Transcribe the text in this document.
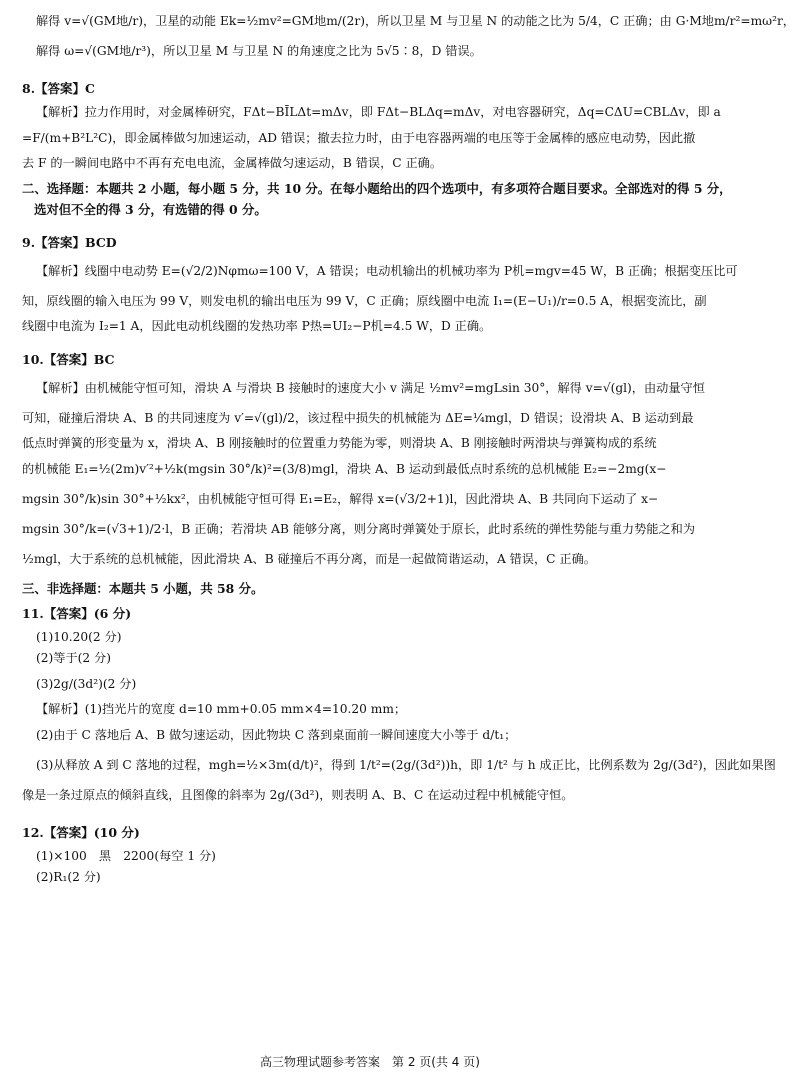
解得 v=√(GM地/r)，卫星的动能 Ek=½mv²=GM地m/(2r)，所以卫星 M 与卫星 N 的动能之比为 5/4，C 正确；由 G·M地m/r²=mω²r，

解得 ω=√(GM地/r³)，所以卫星 M 与卫星 N 的角速度之比为 5√5∶8，D 错误。

8.【答案】C

【解析】拉力作用时，对金属棒研究，FΔt−BĪLΔt=mΔv，即 FΔt−BLΔq=mΔv，对电容器研究，Δq=CΔU=CBLΔv，即 a

=F/(m+B²L²C)，即金属棒做匀加速运动，AD 错误；撤去拉力时，由于电容器两端的电压等于金属棒的感应电动势，因此撤

去 F 的一瞬间电路中不再有充电电流，金属棒做匀速运动，B 错误，C 正确。

二、选择题：本题共 2 小题，每小题 5 分，共 10 分。在每小题给出的四个选项中，有多项符合题目要求。全部选对的得 5 分，

选对但不全的得 3 分，有选错的得 0 分。

9.【答案】BCD

【解析】线圈中电动势 E=(√2/2)Nφmω=100 V，A 错误；电动机输出的机械功率为 P机=mgv=45 W，B 正确；根据变压比可

知，原线圈的输入电压为 99 V，则发电机的输出电压为 99 V，C 正确；原线圈中电流 I₁=(E−U₁)/r=0.5 A，根据变流比，副

线圈中电流为 I₂=1 A，因此电动机线圈的发热功率 P热=UI₂−P机=4.5 W，D 正确。

10.【答案】BC

【解析】由机械能守恒可知，滑块 A 与滑块 B 接触时的速度大小 v 满足 ½mv²=mgLsin 30°，解得 v=√(gl)，由动量守恒

可知，碰撞后滑块 A、B 的共同速度为 v′=√(gl)/2，该过程中损失的机械能为 ΔE=¼mgl，D 错误；设滑块 A、B 运动到最

低点时弹簧的形变量为 x，滑块 A、B 刚接触时的位置重力势能为零，则滑块 A、B 刚接触时两滑块与弹簧构成的系统

的机械能 E₁=½(2m)v′²+½k(mgsin 30°/k)²=(3/8)mgl，滑块 A、B 运动到最低点时系统的总机械能 E₂=−2mg(x−

mgsin 30°/k)sin 30°+½kx²，由机械能守恒可得 E₁=E₂，解得 x=(√3/2+1)l，因此滑块 A、B 共同向下运动了 x−

mgsin 30°/k=(√3+1)/2·l，B 正确；若滑块 AB 能够分离，则分离时弹簧处于原长，此时系统的弹性势能与重力势能之和为

½mgl，大于系统的总机械能，因此滑块 A、B 碰撞后不再分离，而是一起做简谐运动，A 错误，C 正确。

三、非选择题：本题共 5 小题，共 58 分。

11.【答案】(6 分)

(1)10.20(2 分)

(2)等于(2 分)

(3)2g/(3d²)(2 分)

【解析】(1)挡光片的宽度 d=10 mm+0.05 mm×4=10.20 mm；

(2)由于 C 落地后 A、B 做匀速运动，因此物块 C 落到桌面前一瞬间速度大小等于 d/t₁；

(3)从释放 A 到 C 落地的过程，mgh=½×3m(d/t)²，得到 1/t²=(2g/(3d²))h，即 1/t² 与 h 成正比，比例系数为 2g/(3d²)，因此如果图

像是一条过原点的倾斜直线，且图像的斜率为 2g/(3d²)，则表明 A、B、C 在运动过程中机械能守恒。

12.【答案】(10 分)

(1)×100　黑　2200(每空 1 分)

(2)R₁(2 分)

高三物理试题参考答案　第 2 页(共 4 页)
